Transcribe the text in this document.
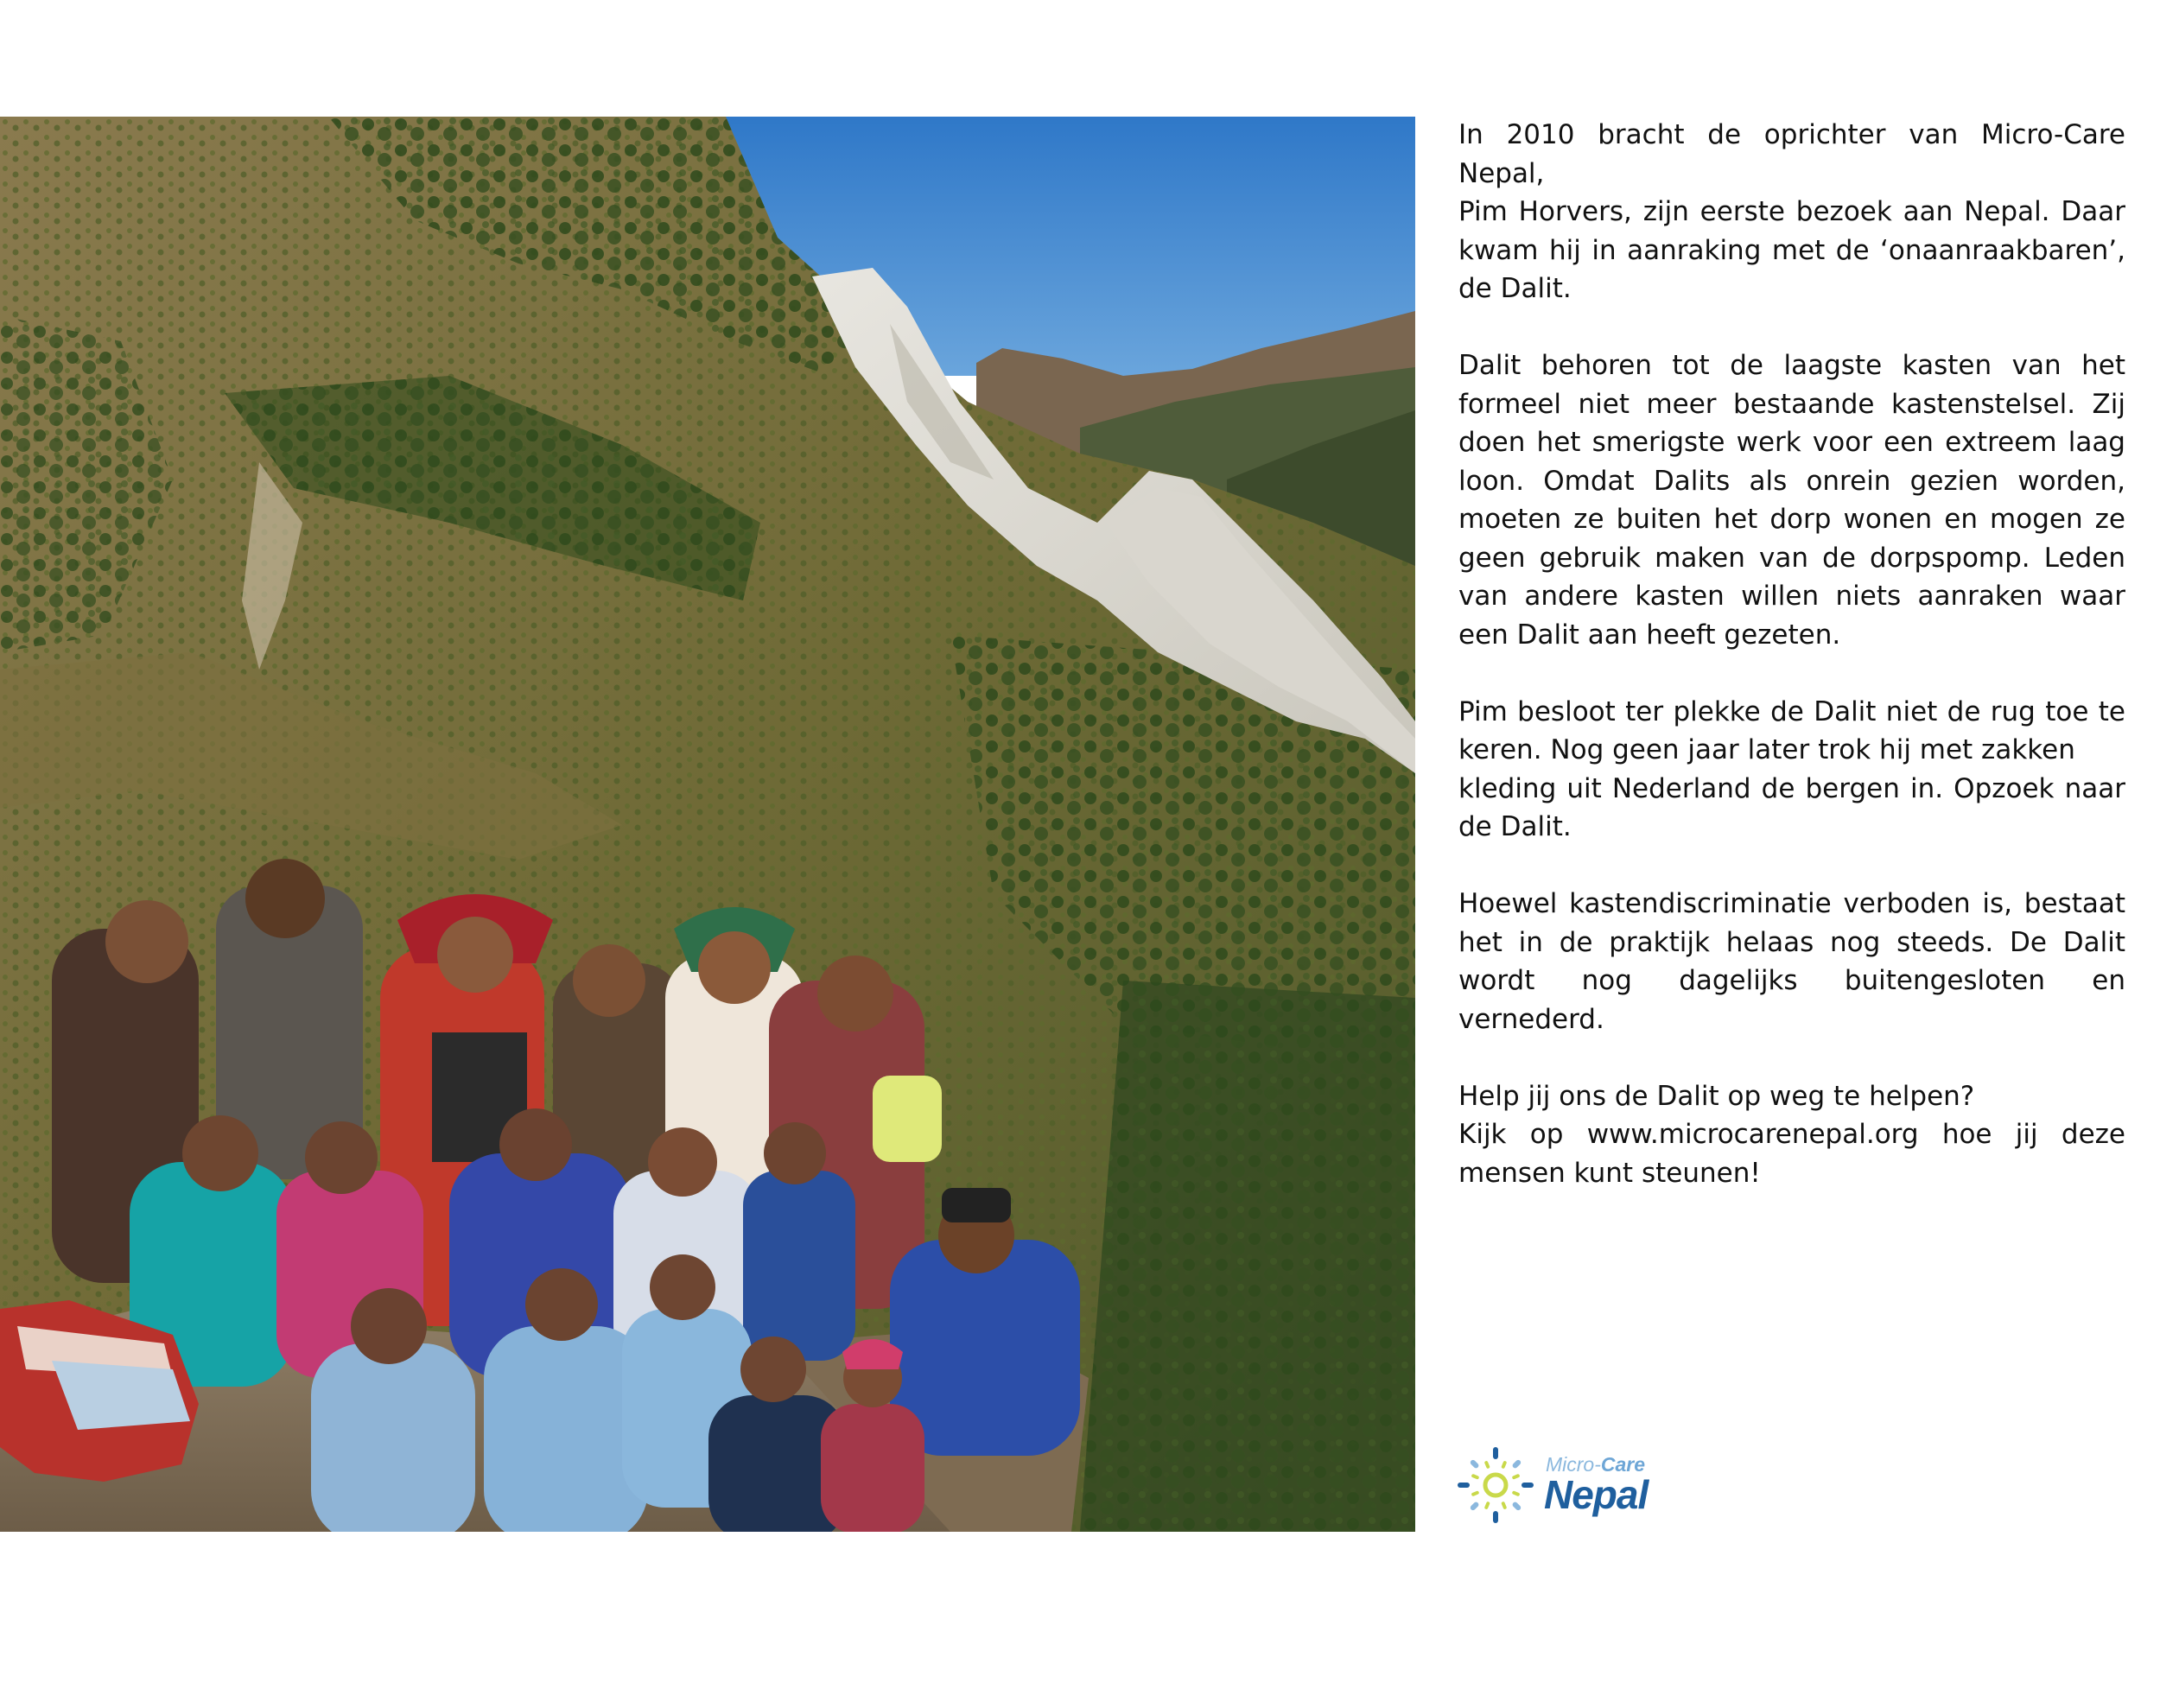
In 2010 bracht de oprichter van Micro-Care Nepal,
Pim Horvers, zijn eerste bezoek aan Nepal. Daar
kwam hij in aanraking met de ‘onaanraakbaren’,
de Dalit.

Dalit behoren tot de laagste kasten van het formeel niet meer bestaande kastenstelsel. Zij doen het smerigste werk voor een extreem laag loon. Omdat Dalits als onrein gezien worden, moeten ze buiten het dorp wonen en mogen ze geen gebruik maken van de dorpspomp. Leden van andere kasten willen niets aanraken waar een Dalit aan heeft gezeten.

Pim besloot ter plekke de Dalit niet de rug toe te
keren. Nog geen jaar later trok hij met zakken
kleding uit Nederland de bergen in. Opzoek naar
de Dalit.

Hoewel kastendiscriminatie verboden is, bestaat het in de praktijk helaas nog steeds. De Dalit wordt nog dagelijks buitengesloten en vernederd.

Help jij ons de Dalit op weg te helpen?
Kijk op www.microcarenepal.org hoe jij deze mensen kunt steunen!

Micro-Care
Nepal
